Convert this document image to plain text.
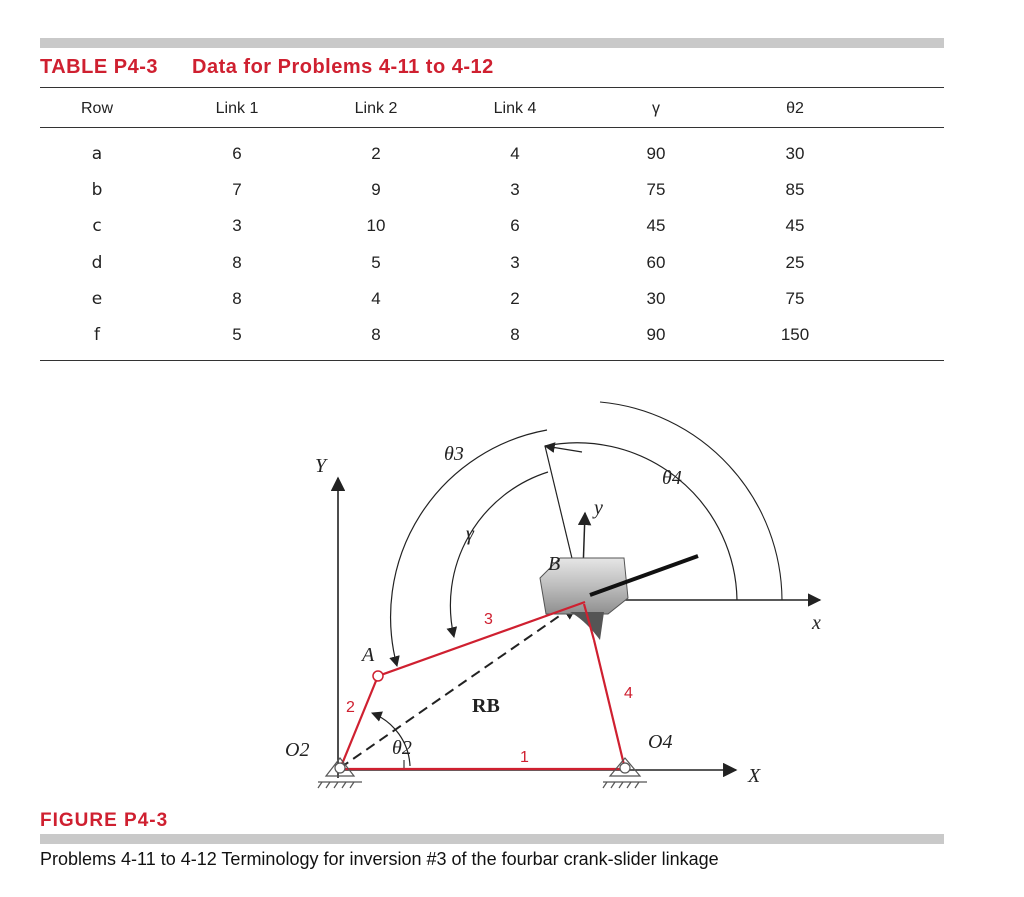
TABLE P4-3 Data for Problems 4-11 to 4-12
Row	Link 1	Link 2	Link 4	γ	θ2
a	6	2	4	90	30
b	7	9	3	75	85
c	3	10	6	45	45
d	8	5	3	60	25
e	8	4	2	30	75
f	5	8	8	90	150
Y
X
x
y
A
B
O2	O4
θ2
θ3
θ4
γ
RB
1
2
3
4
FIGURE P4-3
Problems 4-11 to 4-12 Terminology for inversion #3 of the fourbar crank-slider linkage
